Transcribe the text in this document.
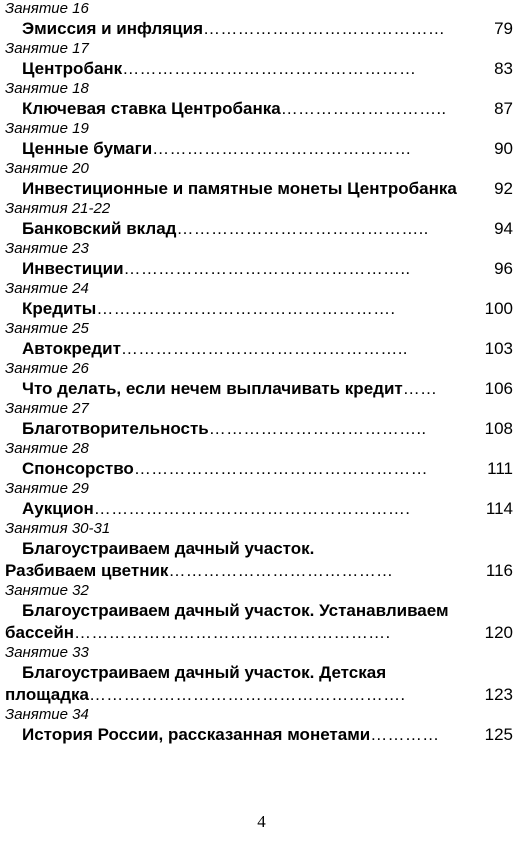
Занятие 16
Эмиссия и инфляция……………………………………	79
Занятие 17
Центробанк……………………………………………	83
Занятие 18
Ключевая ставка Центробанка………………………..	87
Занятие 19
Ценные бумаги………………………………………	90
Занятие 20
Инвестиционные и памятные монеты Центробанка 92
Занятия 21-22
Банковский вклад……………………………………..	94
Занятие 23
Инвестиции…………………………………………..	96
Занятие 24
Кредиты…………………………………………….	100
Занятие 25
Автокредит…………………………………………..	103
Занятие 26
Что делать, если нечем выплачивать кредит……	106
Занятие 27
Благотворительность………………………………..	108
Занятие 28
Спонсорство……………………………………………	111
Занятие 29
Аукцион……………………………………………….	114
Занятия 30-31
Благоустраиваем дачный участок.
Разбиваем цветник…………………………………	116
Занятие 32
Благоустраиваем дачный участок. Устанавливаем
бассейн……………………………………………….	120
Занятие 33
Благоустраиваем дачный участок. Детская
площадка……………………………………………….	123
Занятие 34
История России, рассказанная монетами…………	125
4
